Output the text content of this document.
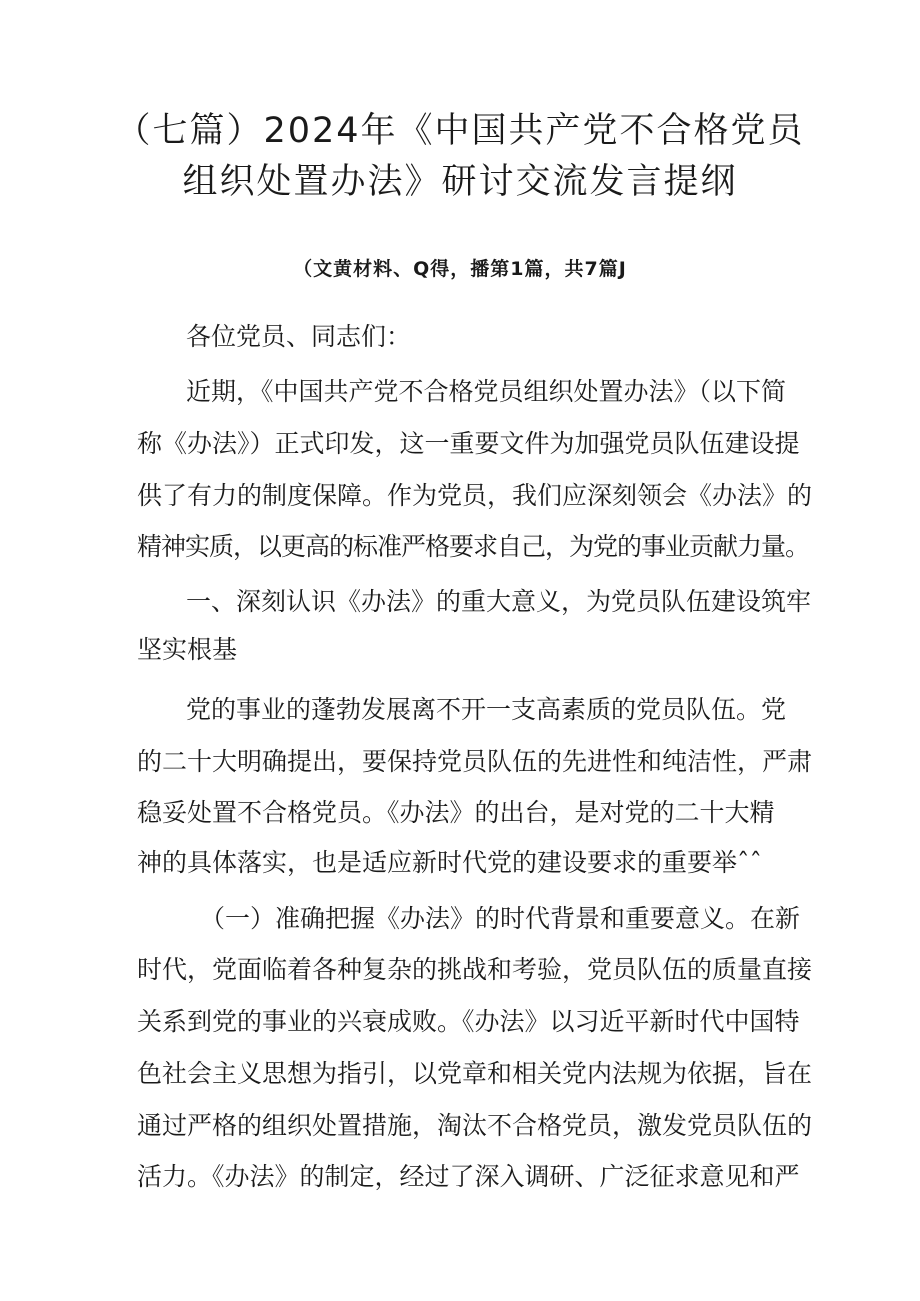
（七篇）2024年《中国共产党不合格党员
组织处置办法》研讨交流发言提纲
（文黄材料、Q得，播第1篇，共7篇J

各位党员、同志们：

近期，《中国共产党不合格党员组织处置办法》（以下简

称《办法》）正式印发，这一重要文件为加强党员队伍建设提

供了有力的制度保障。作为党员，我们应深刻领会《办法》的

精神实质，以更高的标准严格要求自己，为党的事业贡献力量。

一、深刻认识《办法》的重大意义，为党员队伍建设筑牢

坚实根基

党的事业的蓬勃发展离不开一支高素质的党员队伍。党

的二十大明确提出，要保持党员队伍的先进性和纯洁性，严肃

稳妥处置不合格党员。《办法》的出台，是对党的二十大精

神的具体落实，也是适应新时代党的建设要求的重要举ˆˆ

（一）准确把握《办法》的时代背景和重要意义。在新

时代，党面临着各种复杂的挑战和考验，党员队伍的质量直接

关系到党的事业的兴衰成败。《办法》以习近平新时代中国特

色社会主义思想为指引，以党章和相关党内法规为依据，旨在

通过严格的组织处置措施，淘汰不合格党员，激发党员队伍的

活力。《办法》的制定，经过了深入调研、广泛征求意见和严
